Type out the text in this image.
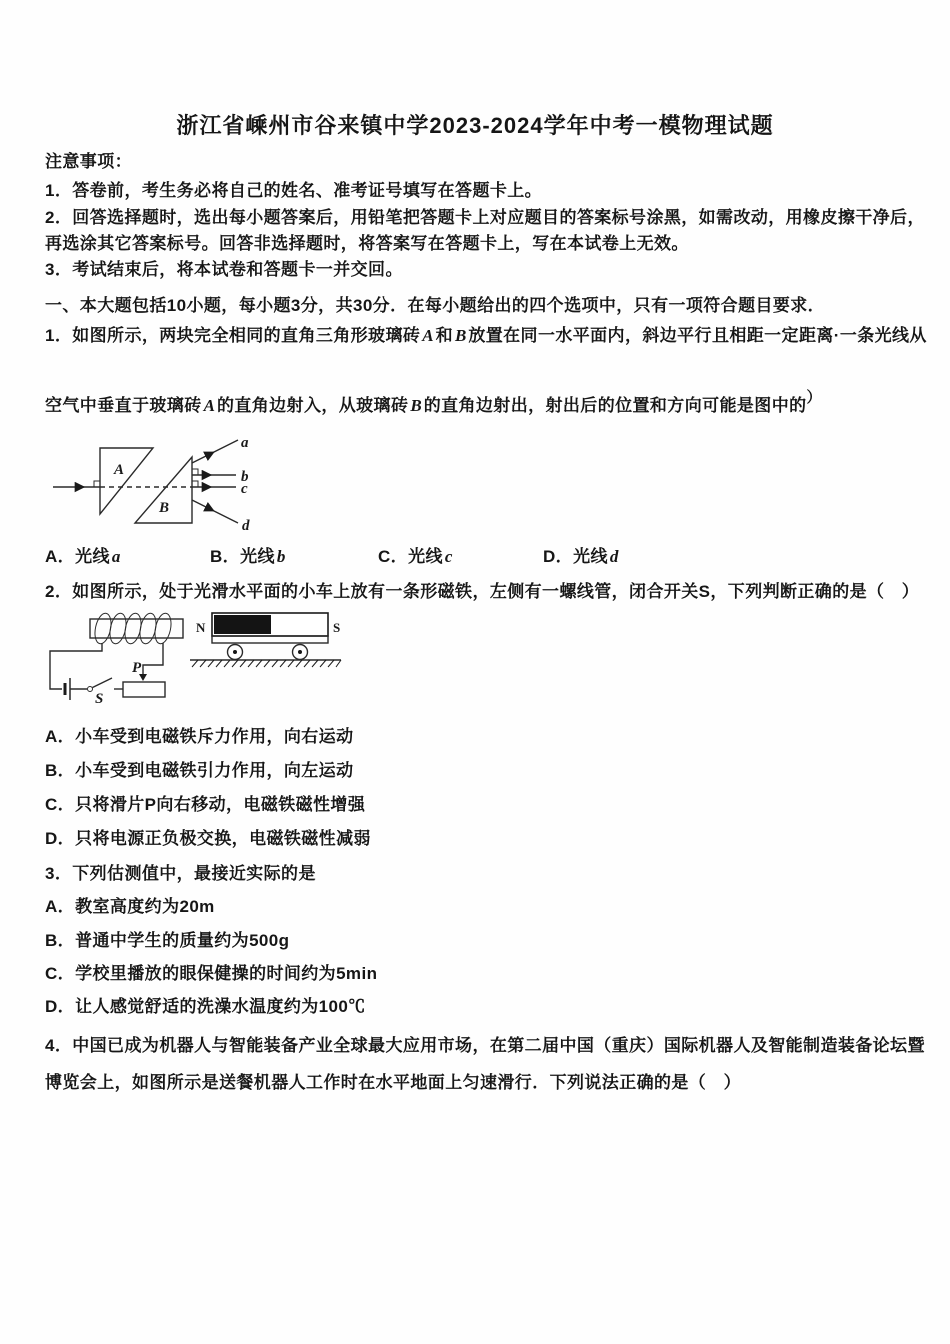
浙江省嵊州市谷来镇中学2023-2024学年中考一模物理试题
注意事项：
1．答卷前，考生务必将自己的姓名、准考证号填写在答题卡上。
2．回答选择题时，选出每小题答案后，用铅笔把答题卡上对应题目的答案标号涂黑，如需改动，用橡皮擦干净后，
再选涂其它答案标号。回答非选择题时，将答案写在答题卡上，写在本试卷上无效。
3．考试结束后，将本试卷和答题卡一并交回。
一、本大题包括10小题，每小题3分，共30分．在每小题给出的四个选项中，只有一项符合题目要求．
1．如图所示，两块完全相同的直角三角形玻璃砖 A 和 B 放置在同一水平面内，斜边平行且相距一定距离·一条光线从
空气中垂直于玻璃砖 A 的直角边射入，从玻璃砖 B 的直角边射出，射出后的位置和方向可能是图中的）
A
B
a
b
c
d
A．光线 a	B．光线 b	C．光线 c	D．光线 d
2．如图所示，处于光滑水平面的小车上放有一条形磁铁，左侧有一螺线管，闭合开关S，下列判断正确的是（　）
P
S
N	S
A．小车受到电磁铁斥力作用，向右运动
B．小车受到电磁铁引力作用，向左运动
C．只将滑片P向右移动，电磁铁磁性增强
D．只将电源正负极交换，电磁铁磁性减弱
3．下列估测值中，最接近实际的是
A．教室高度约为20m
B．普通中学生的质量约为500g
C．学校里播放的眼保健操的时间约为5min
D．让人感觉舒适的洗澡水温度约为100℃
4．中国已成为机器人与智能装备产业全球最大应用市场，在第二届中国（重庆）国际机器人及智能制造装备论坛暨
博览会上，如图所示是送餐机器人工作时在水平地面上匀速滑行．下列说法正确的是（　）
